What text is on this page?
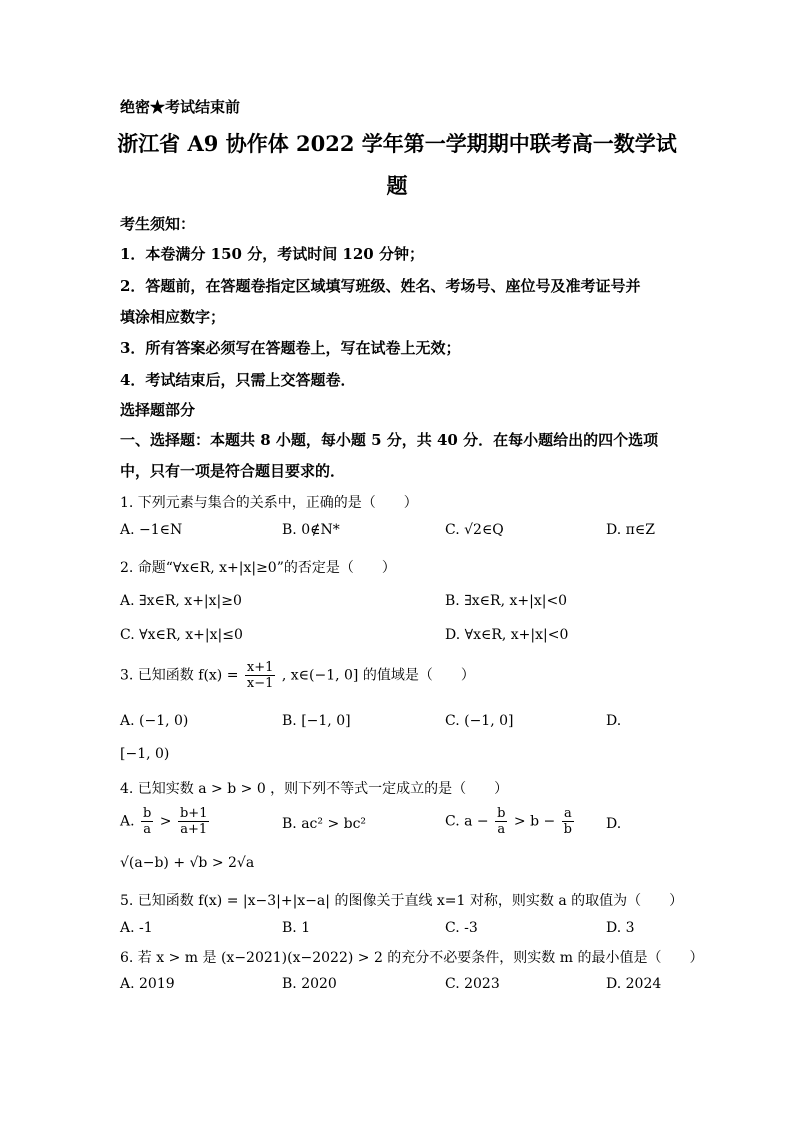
绝密★考试结束前
浙江省 A9 协作体 2022 学年第一学期期中联考高一数学试
题
考生须知：
1．本卷满分 150 分，考试时间 120 分钟；
2．答题前，在答题卷指定区域填写班级、姓名、考场号、座位号及准考证号并
填涂相应数字；
3．所有答案必须写在答题卷上，写在试卷上无效；
4．考试结束后，只需上交答题卷．
选择题部分
一、选择题：本题共 8 小题，每小题 5 分，共 40 分．在每小题给出的四个选项
中，只有一项是符合题目要求的．
1. 下列元素与集合的关系中，正确的是（　　）
A. −1∈N	B. 0∉N*	C. √2∈Q	D. π∈Z
2. 命题“∀x∈R, x+|x|≥0”的否定是（　　）
A. ∃x∈R, x+|x|≥0	B. ∃x∈R, x+|x|<0
C. ∀x∈R, x+|x|≤0	D. ∀x∈R, x+|x|<0
3. 已知函数 $f(x) = \frac{x+1}{x-1}$ , x∈(−1, 0] 的值域是（　　）
A. (−1, 0)	B. [−1, 0]	C. (−1, 0]	D.
[−1, 0)
4. 已知实数 a > b > 0 ，则下列不等式一定成立的是（　　）
A. $\frac{b}{a} > \frac{b+1}{a+1}$	B. ac² > bc²	C. $a - \frac{b}{a} > b - \frac{a}{b} D$.
√(a−b) + √b > 2√a
5. 已知函数 f(x) = |x−3|+|x−a| 的图像关于直线 x=1 对称，则实数 a 的取值为（　　）
A. -1	B. 1	C. -3	D. 3
6. 若 x > m 是 (x−2021)(x−2022) > 2 的充分不必要条件，则实数 m 的最小值是（　　）
A. 2019	B. 2020	C. 2023	D. 2024
